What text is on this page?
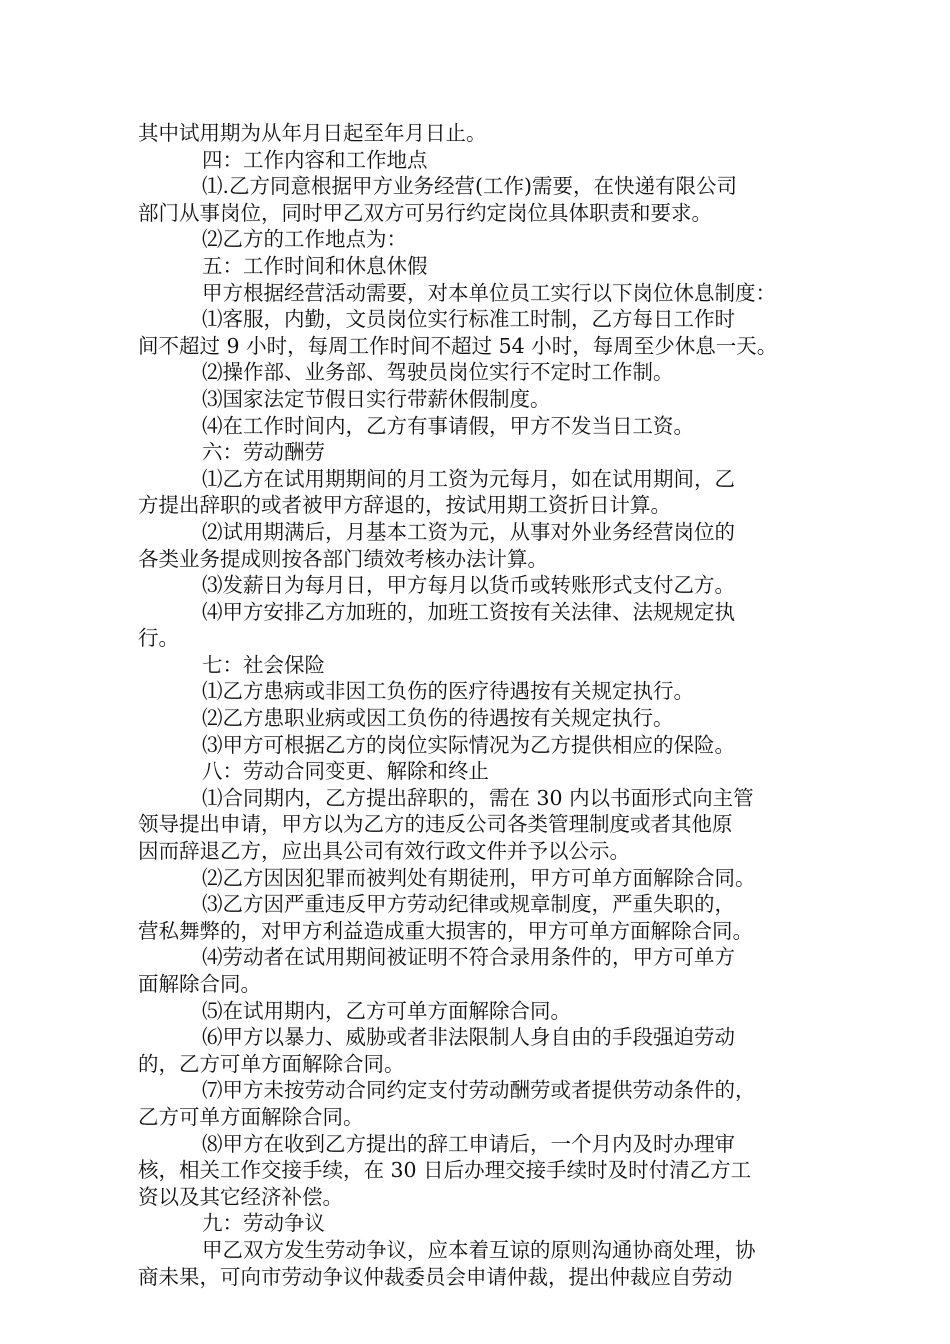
其中试用期为从年月日起至年月日止。
四：工作内容和工作地点
⑴.乙方同意根据甲方业务经营(工作)需要，在快递有限公司
部门从事岗位，同时甲乙双方可另行约定岗位具体职责和要求。
⑵乙方的工作地点为：
五：工作时间和休息休假
甲方根据经营活动需要，对本单位员工实行以下岗位休息制度：
⑴客服，内勤，文员岗位实行标准工时制，乙方每日工作时
间不超过 9 小时，每周工作时间不超过 54 小时，每周至少休息一天。
⑵操作部、业务部、驾驶员岗位实行不定时工作制。
⑶国家法定节假日实行带薪休假制度。
⑷在工作时间内，乙方有事请假，甲方不发当日工资。
六：劳动酬劳
⑴乙方在试用期期间的月工资为元每月，如在试用期间，乙
方提出辞职的或者被甲方辞退的，按试用期工资折日计算。
⑵试用期满后，月基本工资为元，从事对外业务经营岗位的
各类业务提成则按各部门绩效考核办法计算。
⑶发薪日为每月日，甲方每月以货币或转账形式支付乙方。
⑷甲方安排乙方加班的，加班工资按有关法律、法规规定执
行。
七：社会保险
⑴乙方患病或非因工负伤的医疗待遇按有关规定执行。
⑵乙方患职业病或因工负伤的待遇按有关规定执行。
⑶甲方可根据乙方的岗位实际情况为乙方提供相应的保险。
八：劳动合同变更、解除和终止
⑴合同期内，乙方提出辞职的，需在 30 内以书面形式向主管
领导提出申请，甲方以为乙方的违反公司各类管理制度或者其他原
因而辞退乙方，应出具公司有效行政文件并予以公示。
⑵乙方因因犯罪而被判处有期徒刑，甲方可单方面解除合同。
⑶乙方因严重违反甲方劳动纪律或规章制度，严重失职的，
营私舞弊的，对甲方利益造成重大损害的，甲方可单方面解除合同。
⑷劳动者在试用期间被证明不符合录用条件的，甲方可单方
面解除合同。
⑸在试用期内，乙方可单方面解除合同。
⑹甲方以暴力、威胁或者非法限制人身自由的手段强迫劳动
的，乙方可单方面解除合同。
⑺甲方未按劳动合同约定支付劳动酬劳或者提供劳动条件的，
乙方可单方面解除合同。
⑻甲方在收到乙方提出的辞工申请后，一个月内及时办理审
核，相关工作交接手续，在 30 日后办理交接手续时及时付清乙方工
资以及其它经济补偿。
九：劳动争议
甲乙双方发生劳动争议，应本着互谅的原则沟通协商处理，协
商未果，可向市劳动争议仲裁委员会申请仲裁，提出仲裁应自劳动
